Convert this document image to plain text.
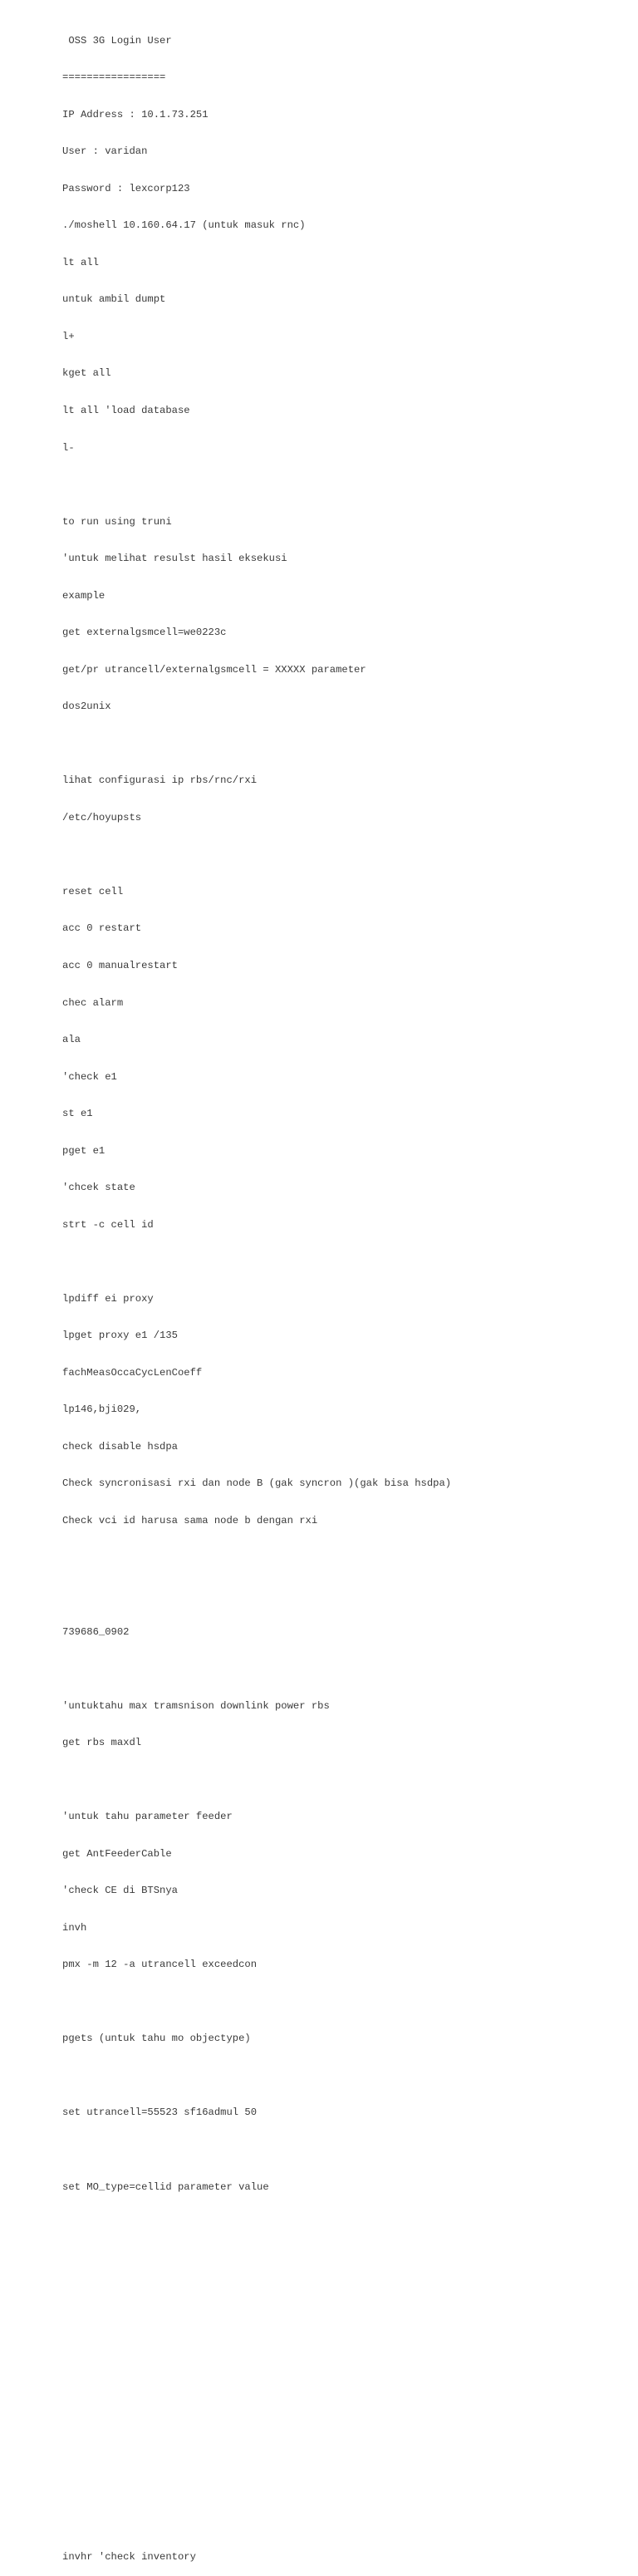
OSS 3G Login User

=================

IP Address : 10.1.73.251

User : varidan

Password : lexcorp123

./moshell 10.160.64.17 (untuk masuk rnc)

lt all

untuk ambil dumpt

l+

kget all

lt all 'load database

l-

to run using truni

'untuk melihat resulst hasil eksekusi

example

get externalgsmcell=we0223c

get/pr utrancell/externalgsmcell = XXXXX parameter

dos2unix

lihat configurasi ip rbs/rnc/rxi

/etc/hoyupsts

reset cell

acc 0 restart

acc 0 manualrestart

chec alarm

ala

'check e1

st e1

pget e1

'chcek state

strt -c cell id

lpdiff ei proxy

lpget proxy e1 /135

fachMeasOccaCycLenCoeff

lp146,bji029,

check disable hsdpa

Check syncronisasi rxi dan node B (gak syncron )(gak bisa hsdpa)

Check vci id harusa sama node b dengan rxi

739686_0902

'untuktahu max tramsnison downlink power rbs

get rbs maxdl

'untuk tahu parameter feeder

get AntFeederCable

'check CE di BTSnya

invh

pmx -m 12 -a utrancell exceedcon

pgets (untuk tahu mo objectype)

set utrancell=55523 sf16admul 50

set MO_type=cellid parameter value

invhr 'check inventory
